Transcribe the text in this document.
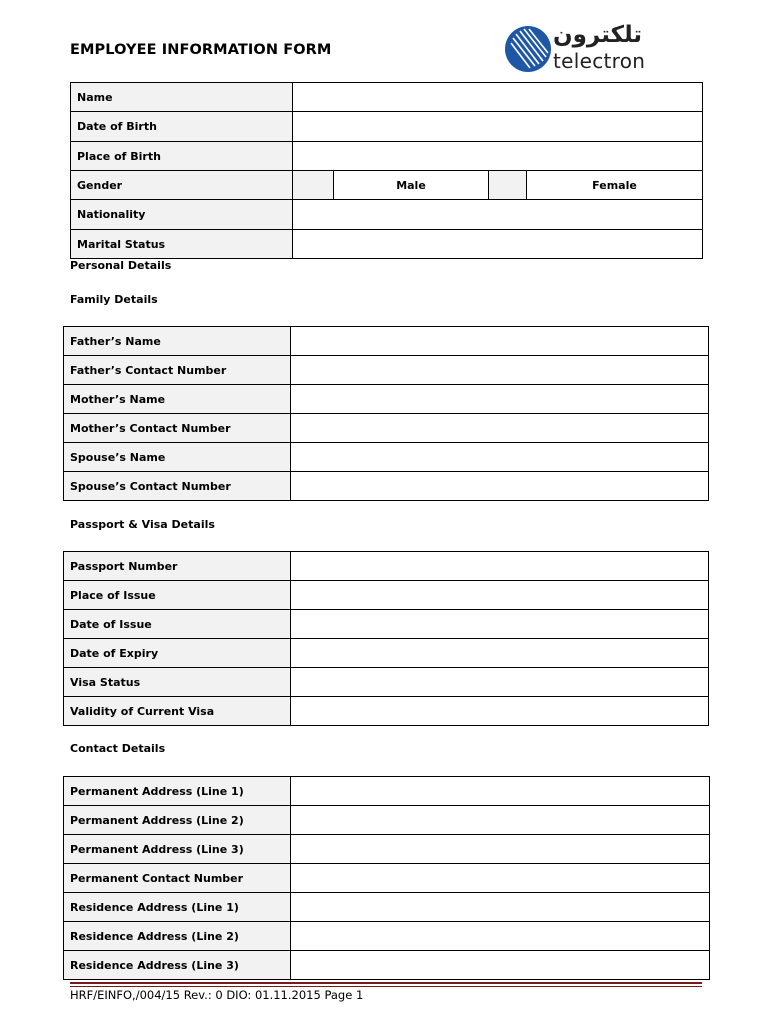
EMPLOYEE INFORMATION FORM
تلكترون
telectron
Name				
Date of Birth				
Place of Birth				
Gender		Male		Female
Nationality				
Marital Status				
Personal Details
Family Details
Father’s Name	
Father’s Contact Number	
Mother’s Name	
Mother’s Contact Number	
Spouse’s Name	
Spouse’s Contact Number	
Passport & Visa Details
Passport Number	
Place of Issue	
Date of Issue	
Date of Expiry	
Visa Status	
Validity of Current Visa	
Contact Details
Permanent Address (Line 1)	
Permanent Address (Line 2)	
Permanent Address (Line 3)	
Permanent Contact Number	
Residence Address (Line 1)	
Residence Address (Line 2)	
Residence Address (Line 3)	
HRF/EINFO,/004/15 Rev.: 0 DIO: 01.11.2015 Page 1
